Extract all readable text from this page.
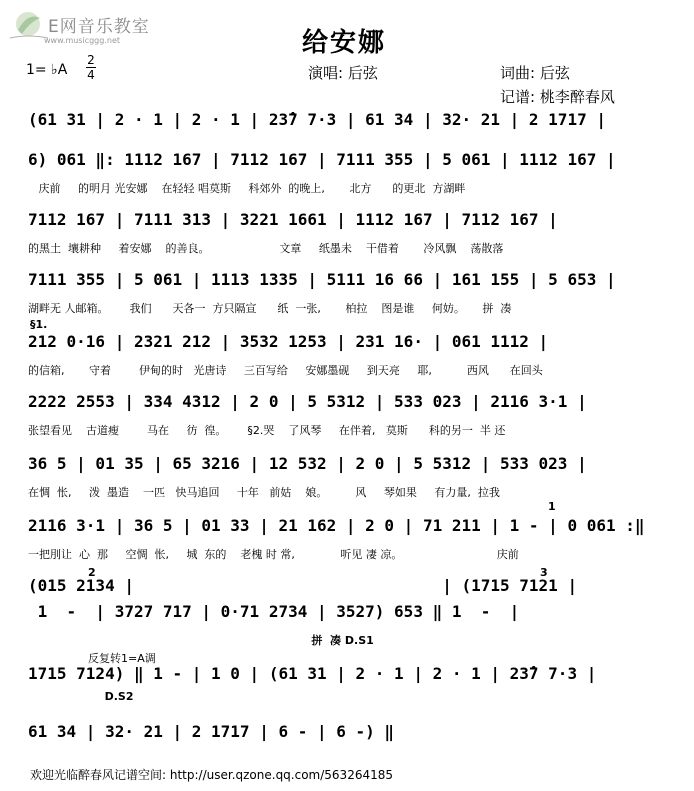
E网音乐教室
www.musicggg.net	给安娜
1= ♭A
2
4	演唱: 后弦	词曲: 后弦
记谱: 桃李醉春风
(61 31 | 2 · 1 | 2 · 1 | 23̂7 7·3 | 61 34 | 32· 21 | 2 1717 |
6) 061 ‖: 1112 167 | 7112 167 | 7111 355 | 5 061 | 1112 167 |
庆前     的明月 光安娜    在轻轻 唱莫斯     科郊外  的晚上,       北方      的更北  方湖畔
7112 167 | 7111 313 | 3221 1661 | 1112 167 | 7112 167 |
的黑土  壤耕种     着安娜    的善良。                    文章     纸墨未    干借着       冷风飘    荡散落
7111 355 | 5 061 | 1113 1335 | 5111 16 66 | 161 155 | 5 653 |
湖畔无 人邮箱。      我们      天各一  方只隔宣      纸  一张,       柏拉    图是谁     何妨。     拼  凑
§1.
212 0·16 | 2321 212 | 3532 1253 | 231 16· | 061 1112 |
的信箱,       守着        伊甸的时   光唐诗     三百写给     安娜墨砚     到天亮     耶,          西风      在回头
2222 2553 | 334 4312 | 2 0 | 5 5312 | 533 023 | 2116 3·1 |
张望看见    古道瘦        马在     彷  徨。      §2.哭    了风琴     在伴着,   莫斯      科的另一  半 还
36 5 | 01 35 | 65 3216 | 12 532 | 2 0 | 5 5312 | 533 023 |
在惆  怅,     泼  墨造    一匹   快马追回     十年   前姑    娘。        风     琴如果     有力量,  拉我
1
2116 3·1 | 36 5 | 01 33 | 21 162 | 2 0 | 71 211 | 1 - | 0 061 :‖
一把刖让  心  那     空惆  怅,     城  东的    老槐 时 常,             听见 凄 凉。                           庆前
2	3
(015 2134 |                                | (1715 7121 |
1  -  | 3727 717 | 0·71 2734 | 3527) 653 ‖ 1  -  |
拼  凑 D.S1
反复转1=A调
1715 7124) ‖ 1 - | 1 0 | (61 31 | 2 · 1 | 2 · 1 | 23̂7 7·3 |
D.S2
61 34 | 32· 21 | 2 1717 | 6 - | 6 -) ‖
欢迎光临醉春风记谱空间: http://user.qzone.qq.com/563264185
